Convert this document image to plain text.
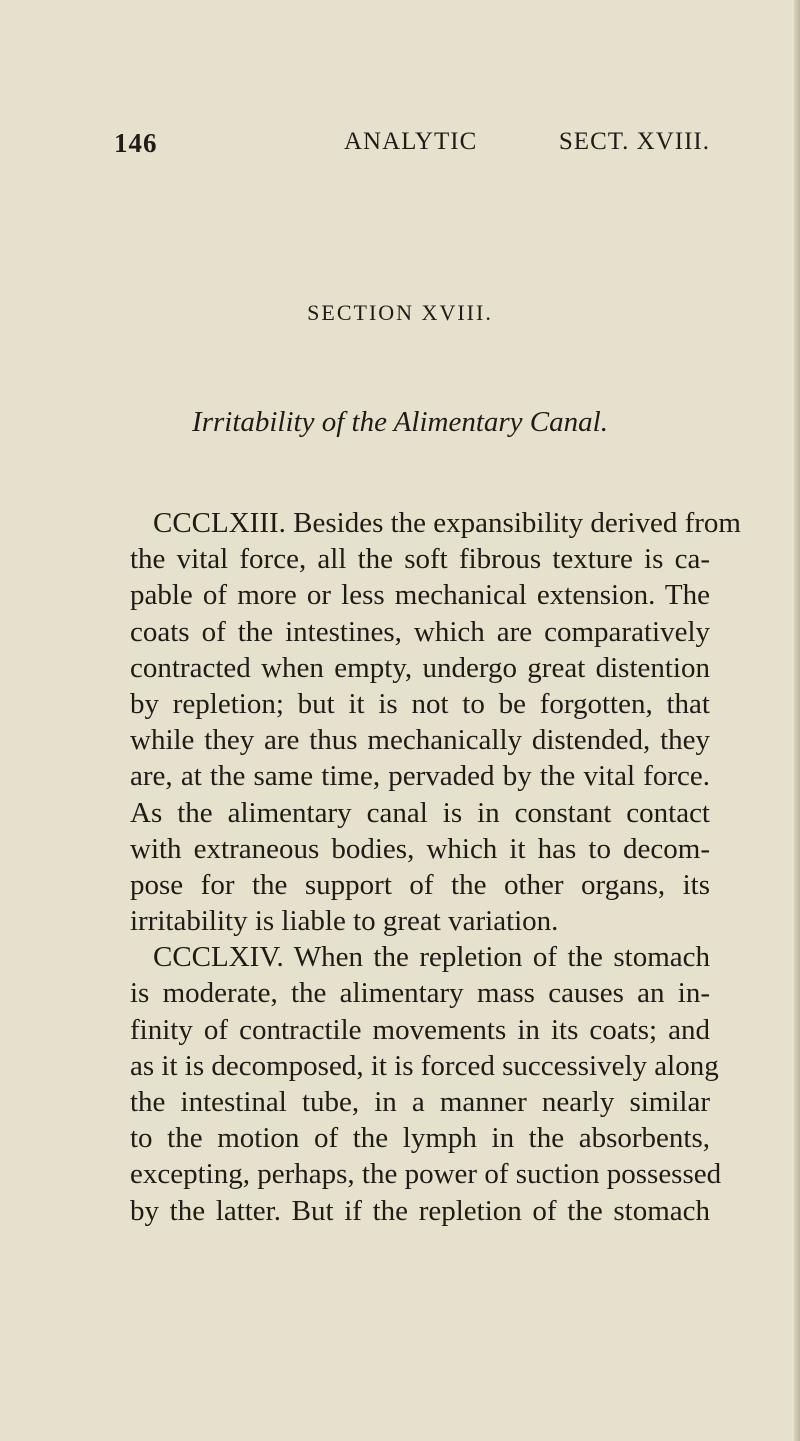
146	ANALYTIC	SECT. XVIII.
SECTION XVIII.
Irritability of the Alimentary Canal.
CCCLXIII. Besides the expansibility derived from
the vital force, all the soft fibrous texture is ca-
pable of more or less mechanical extension. The
coats of the intestines, which are comparatively
contracted when empty, undergo great distention
by repletion; but it is not to be forgotten, that
while they are thus mechanically distended, they
are, at the same time, pervaded by the vital force.
As the alimentary canal is in constant contact
with extraneous bodies, which it has to decom-
pose for the support of the other organs, its
irritability is liable to great variation.
CCCLXIV. When the repletion of the stomach
is moderate, the alimentary mass causes an in-
finity of contractile movements in its coats; and
as it is decomposed, it is forced successively along
the intestinal tube, in a manner nearly similar
to the motion of the lymph in the absorbents,
excepting, perhaps, the power of suction possessed
by the latter. But if the repletion of the stomach
